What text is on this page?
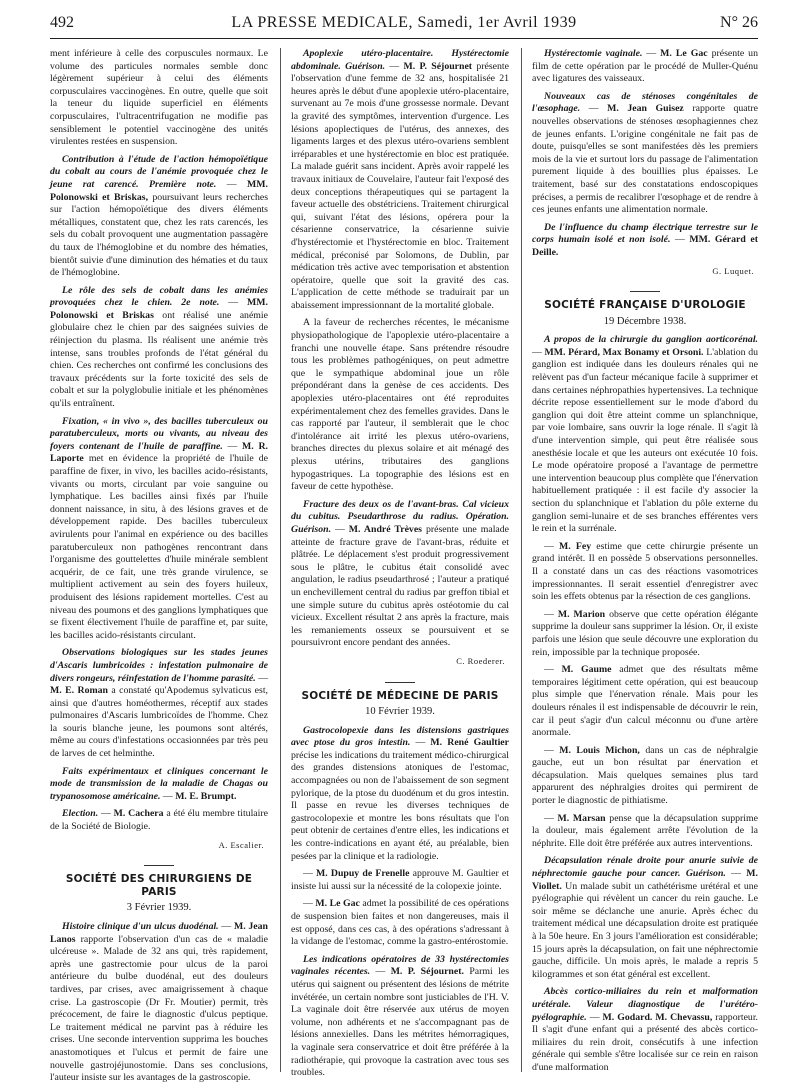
492	LA PRESSE MEDICALE, Samedi, 1er Avril 1939	N° 26

ment inférieure à celle des corpuscules normaux. Le volume des particules normales semble donc légèrement supérieur à celui des éléments corpusculaires vaccinogènes. En outre, quelle que soit la teneur du liquide superficiel en éléments corpusculaires, l'ultracentrifugation ne modifie pas sensiblement le potentiel vaccinogène des unités virulentes restées en suspension.

Contribution à l'étude de l'action hémopoïétique du cobalt au cours de l'anémie provoquée chez le jeune rat carencé. Première note. — MM. Polonowski et Briskas, poursuivant leurs recherches sur l'action hémopoïétique des divers éléments métalliques, constatent que, chez les rats carencés, les sels du cobalt provoquent une augmentation passagère du taux de l'hémoglobine et du nombre des hématies, bientôt suivie d'une diminution des hématies et du taux de l'hémoglobine.

Le rôle des sels de cobalt dans les anémies provoquées chez le chien. 2e note. — MM. Polonowski et Briskas ont réalisé une anémie globulaire chez le chien par des saignées suivies de réinjection du plasma. Ils réalisent une anémie très intense, sans troubles profonds de l'état général du chien. Ces recherches ont confirmé les conclusions des travaux précédents sur la forte toxicité des sels de cobalt et sur la polyglobulie initiale et les phénomènes qu'ils entraînent.

Fixation, « in vivo », des bacilles tuberculeux ou paratuberculeux, morts ou vivants, au niveau des foyers contenant de l'huile de paraffine. — M. R. Laporte met en évidence la propriété de l'huile de paraffine de fixer, in vivo, les bacilles acido-résistants, vivants ou morts, circulant par voie sanguine ou lymphatique. Les bacilles ainsi fixés par l'huile donnent naissance, in situ, à des lésions graves et de développement rapide. Des bacilles tuberculeux avirulents pour l'animal en expérience ou des bacilles paratuberculeux non pathogènes rencontrant dans l'organisme des gouttelettes d'huile minérale semblent acquérir, de ce fait, une très grande virulence, se multiplient activement au sein des foyers huileux, produisent des lésions rapidement mortelles. C'est au niveau des poumons et des ganglions lymphatiques que se fixent électivement l'huile de paraffine et, par suite, les bacilles acido-résistants circulant.

Observations biologiques sur les stades jeunes d'Ascaris lumbricoides : infestation pulmonaire de divers rongeurs, réinfestation de l'homme parasité. — M. E. Roman a constaté qu'Apodemus sylvaticus est, ainsi que d'autres homéothermes, réceptif aux stades pulmonaires d'Ascaris lumbricoïdes de l'homme. Chez la souris blanche jeune, les poumons sont altérés, même au cours d'infestations occasionnées par très peu de larves de cet helminthe.

Faits expérimentaux et cliniques concernant le mode de transmission de la maladie de Chagas ou trypanosomose américaine. — M. E. Brumpt.

Election. — M. Cachera a été élu membre titulaire de la Société de Biologie.

A. Escalier.
SOCIÉTÉ DES CHIRURGIENS DE PARIS
3 Février 1939.

Histoire clinique d'un ulcus duodénal. — M. Jean Lanos rapporte l'observation d'un cas de « maladie ulcéreuse ». Malade de 32 ans qui, très rapidement, après une gastrectomie pour ulcus de la paroi antérieure du bulbe duodénal, eut des douleurs tardives, par crises, avec amaigrissement à chaque crise. La gastroscopie (Dr Fr. Moutier) permit, très précocement, de faire le diagnostic d'ulcus peptique. Le traitement médical ne parvint pas à réduire les crises. Une seconde intervention supprima les bouches anastomotiques et l'ulcus et permit de faire une nouvelle gastrojéjunostomie. Dans ses conclusions, l'auteur insiste sur les avantages de la gastroscopie.

Apoplexie utéro-placentaire. Hystérectomie abdominale. Guérison. — M. P. Séjournet présente l'observation d'une femme de 32 ans, hospitalisée 21 heures après le début d'une apoplexie utéro-placentaire, survenant au 7e mois d'une grossesse normale. Devant la gravité des symptômes, intervention d'urgence. Les lésions apoplectiques de l'utérus, des annexes, des ligaments larges et des plexus utéro-ovariens semblent irréparables et une hystérectomie en bloc est pratiquée. La malade guérit sans incident. Après avoir rappelé les travaux initiaux de Couvelaire, l'auteur fait l'exposé des deux conceptions thérapeutiques qui se partagent la faveur actuelle des obstétriciens. Traitement chirurgical qui, suivant l'état des lésions, opérera pour la césarienne conservatrice, la césarienne suivie d'hystérectomie et l'hystérectomie en bloc. Traitement médical, préconisé par Solomons, de Dublin, par médication très active avec temporisation et abstention opératoire, quelle que soit la gravité des cas. L'application de cette méthode se traduirait par un abaissement impressionnant de la mortalité globale.

A la faveur de recherches récentes, le mécanisme physiopathologique de l'apoplexie utéro-placentaire a franchi une nouvelle étape. Sans prétendre résoudre tous les problèmes pathogéniques, on peut admettre que le sympathique abdominal joue un rôle prépondérant dans la genèse de ces accidents. Des apoplexies utéro-placentaires ont été reproduites expérimentalement chez des femelles gravides. Dans le cas rapporté par l'auteur, il semblerait que le choc d'intolérance ait irrité les plexus utéro-ovariens, branches directes du plexus solaire et ait ménagé des plexus utérins, tributaires des ganglions hypogastriques. La topographie des lésions est en faveur de cette hypothèse.

Fracture des deux os de l'avant-bras. Cal vicieux du cubitus. Pseudarthrose du radius. Opération. Guérison. — M. André Trèves présente une malade atteinte de fracture grave de l'avant-bras, réduite et plâtrée. Le déplacement s'est produit progressivement sous le plâtre, le cubitus était consolidé avec angulation, le radius pseudarthrosé ; l'auteur a pratiqué un enchevillement central du radius par greffon tibial et une simple suture du cubitus après ostéotomie du cal vicieux. Excellent résultat 2 ans après la fracture, mais les remaniements osseux se poursuivent et se poursuivront encore pendant des années.

C. Roederer.
SOCIÉTÉ DE MÉDECINE DE PARIS
10 Février 1939.

Gastrocolopexie dans les distensions gastriques avec ptose du gros intestin. — M. René Gaultier précise les indications du traitement médico-chirurgical des grandes distensions atoniques de l'estomac, accompagnées ou non de l'abaissement de son segment pylorique, de la ptose du duodénum et du gros intestin. Il passe en revue les diverses techniques de gastrocolopexie et montre les bons résultats que l'on peut obtenir de certaines d'entre elles, les indications et les contre-indications en ayant été, au préalable, bien pesées par la clinique et la radiologie.

— M. Dupuy de Frenelle approuve M. Gaultier et insiste lui aussi sur la nécessité de la colopexie jointe.

— M. Le Gac admet la possibilité de ces opérations de suspension bien faites et non dangereuses, mais il est opposé, dans ces cas, à des opérations s'adressant à la vidange de l'estomac, comme la gastro-entérostomie.

Les indications opératoires de 33 hystérectomies vaginales récentes. — M. P. Séjournet. Parmi les utérus qui saignent ou présentent des lésions de métrite invétérée, un certain nombre sont justiciables de l'H. V. La vaginale doit être réservée aux utérus de moyen volume, non adhérents et ne s'accompagnant pas de lésions annexielles. Dans les métrites hémorragiques, la vaginale sera conservatrice et doit être préférée à la radiothérapie, qui provoque la castration avec tous ses troubles.

Hystérectomie vaginale. — M. Le Gac présente un film de cette opération par le procédé de Muller-Quénu avec ligatures des vaisseaux.

Nouveaux cas de sténoses congénitales de l'œsophage. — M. Jean Guisez rapporte quatre nouvelles observations de sténoses œsophagiennes chez de jeunes enfants. L'origine congénitale ne fait pas de doute, puisqu'elles se sont manifestées dès les premiers mois de la vie et surtout lors du passage de l'alimentation purement liquide à des bouillies plus épaisses. Le traitement, basé sur des constatations endoscopiques précises, a permis de recalibrer l'œsophage et de rendre à ces jeunes enfants une alimentation normale.

De l'influence du champ électrique terrestre sur le corps humain isolé et non isolé. — MM. Gérard et Deille.

G. Luquet.
SOCIÉTÉ FRANÇAISE D'UROLOGIE
19 Décembre 1938.

A propos de la chirurgie du ganglion aorticorénal. — MM. Pérard, Max Bonamy et Orsoni. L'ablation du ganglion est indiquée dans les douleurs rénales qui ne relèvent pas d'un facteur mécanique facile à supprimer et dans certaines néphropathies hypertensives. La technique décrite repose essentiellement sur le mode d'abord du ganglion qui doit être atteint comme un splanchnique, par voie lombaire, sans ouvrir la loge rénale. Il s'agit là d'une intervention simple, qui peut être réalisée sous anesthésie locale et que les auteurs ont exécutée 10 fois. Le mode opératoire proposé a l'avantage de permettre une intervention beaucoup plus complète que l'énervation habituellement pratiquée : il est facile d'y associer la section du splanchnique et l'ablation du pôle externe du ganglion semi-lunaire et de ses branches efférentes vers le rein et la surrénale.

— M. Fey estime que cette chirurgie présente un grand intérêt. Il en possède 5 observations personnelles. Il a constaté dans un cas des réactions vasomotrices impressionnantes. Il serait essentiel d'enregistrer avec soin les effets obtenus par la résection de ces ganglions.

— M. Marion observe que cette opération élégante supprime la douleur sans supprimer la lésion. Or, il existe parfois une lésion que seule découvre une exploration du rein, impossible par la technique proposée.

— M. Gaume admet que des résultats même temporaires légitiment cette opération, qui est beaucoup plus simple que l'énervation rénale. Mais pour les douleurs rénales il est indispensable de découvrir le rein, car il peut s'agir d'un calcul méconnu ou d'une artère anormale.

— M. Louis Michon, dans un cas de néphralgie gauche, eut un bon résultat par énervation et décapsulation. Mais quelques semaines plus tard apparurent des néphralgies droites qui permirent de porter le diagnostic de pithiatisme.

— M. Marsan pense que la décapsulation supprime la douleur, mais également arrête l'évolution de la néphrite. Elle doit être préférée aux autres interventions.

Décapsulation rénale droite pour anurie suivie de néphrectomie gauche pour cancer. Guérison. — M. Viollet. Un malade subit un cathétérisme urétéral et une pyélographie qui révèlent un cancer du rein gauche. Le soir même se déclanche une anurie. Après échec du traitement médical une décapsulation droite est pratiquée à la 50e heure. En 3 jours l'amélioration est considérable; 15 jours après la décapsulation, on fait une néphrectomie gauche, difficile. Un mois après, le malade a repris 5 kilogrammes et son état général est excellent.

Abcès cortico-miliaires du rein et malformation urétérale. Valeur diagnostique de l'urétéro-pyélographie. — M. Godard. M. Chevassu, rapporteur. Il s'agit d'une enfant qui a présenté des abcès cortico-miliaires du rein droit, consécutifs à une infection générale qui semble s'être localisée sur ce rein en raison d'une malformation
